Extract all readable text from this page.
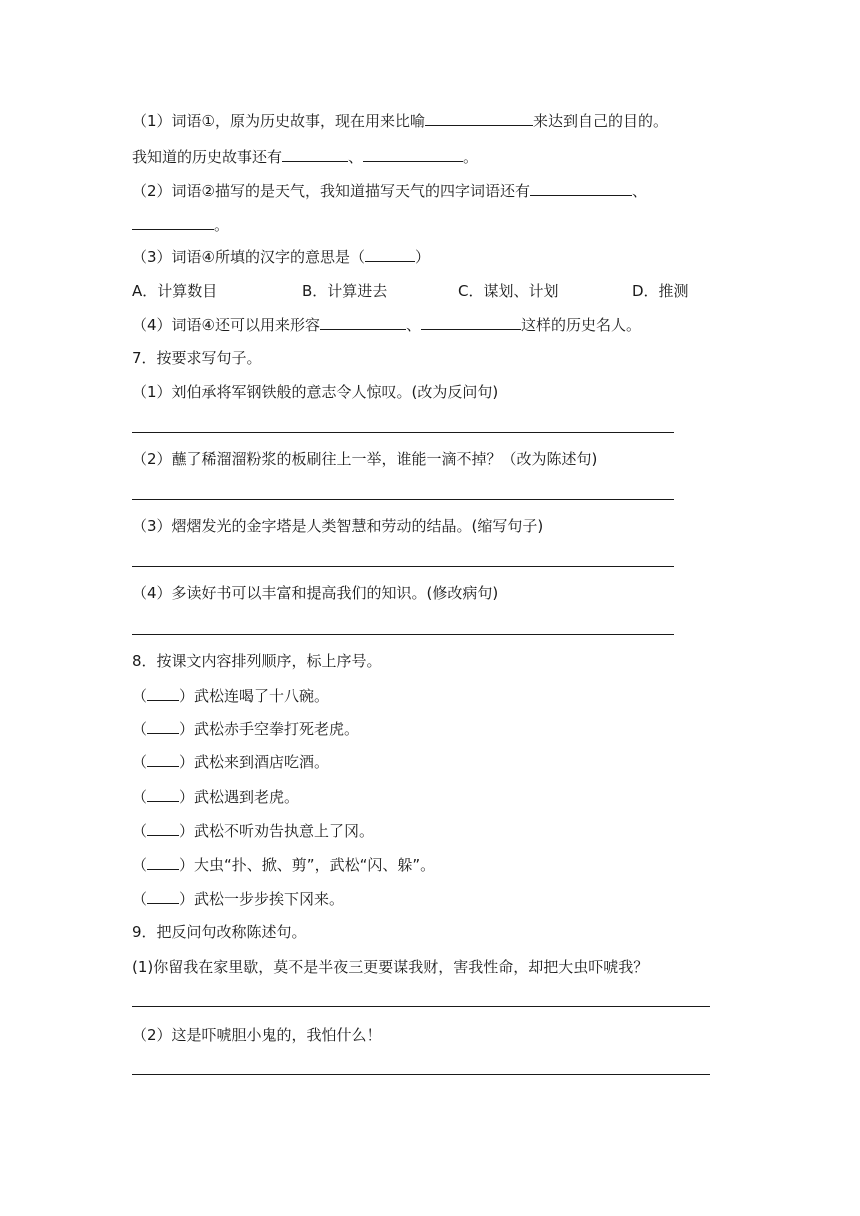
（1）词语①，原为历史故事，现在用来比喻	来达到自己的目的。
我知道的历史故事还有	、	。
（2）词语②描写的是天气，我知道描写天气的四字词语还有	、
。
（3）词语④所填的汉字的意思是（	）
A．计算数目	B．计算进去	C．谋划、计划	D．推测
（4）词语④还可以用来形容	、	这样的历史名人。
7．按要求写句子。
（1）刘伯承将军钢铁般的意志令人惊叹。(改为反问句)
（2）蘸了稀溜溜粉浆的板刷往上一举，谁能一滴不掉？（改为陈述句)
（3）熠熠发光的金字塔是人类智慧和劳动的结晶。(缩写句子)
（4）多读好书可以丰富和提高我们的知识。(修改病句)
8．按课文内容排列顺序，标上序号。
（ ）武松连喝了十八碗。
（ ）武松赤手空拳打死老虎。
（ ）武松来到酒店吃酒。
（ ）武松遇到老虎。
（ ）武松不听劝告执意上了冈。
（ ）大虫“扑、掀、剪”，武松“闪、躲”。
（ ）武松一步步挨下冈来。
9．把反问句改称陈述句。
(1)你留我在家里歇，莫不是半夜三更要谋我财，害我性命，却把大虫吓唬我？
（2）这是吓唬胆小鬼的，我怕什么！
